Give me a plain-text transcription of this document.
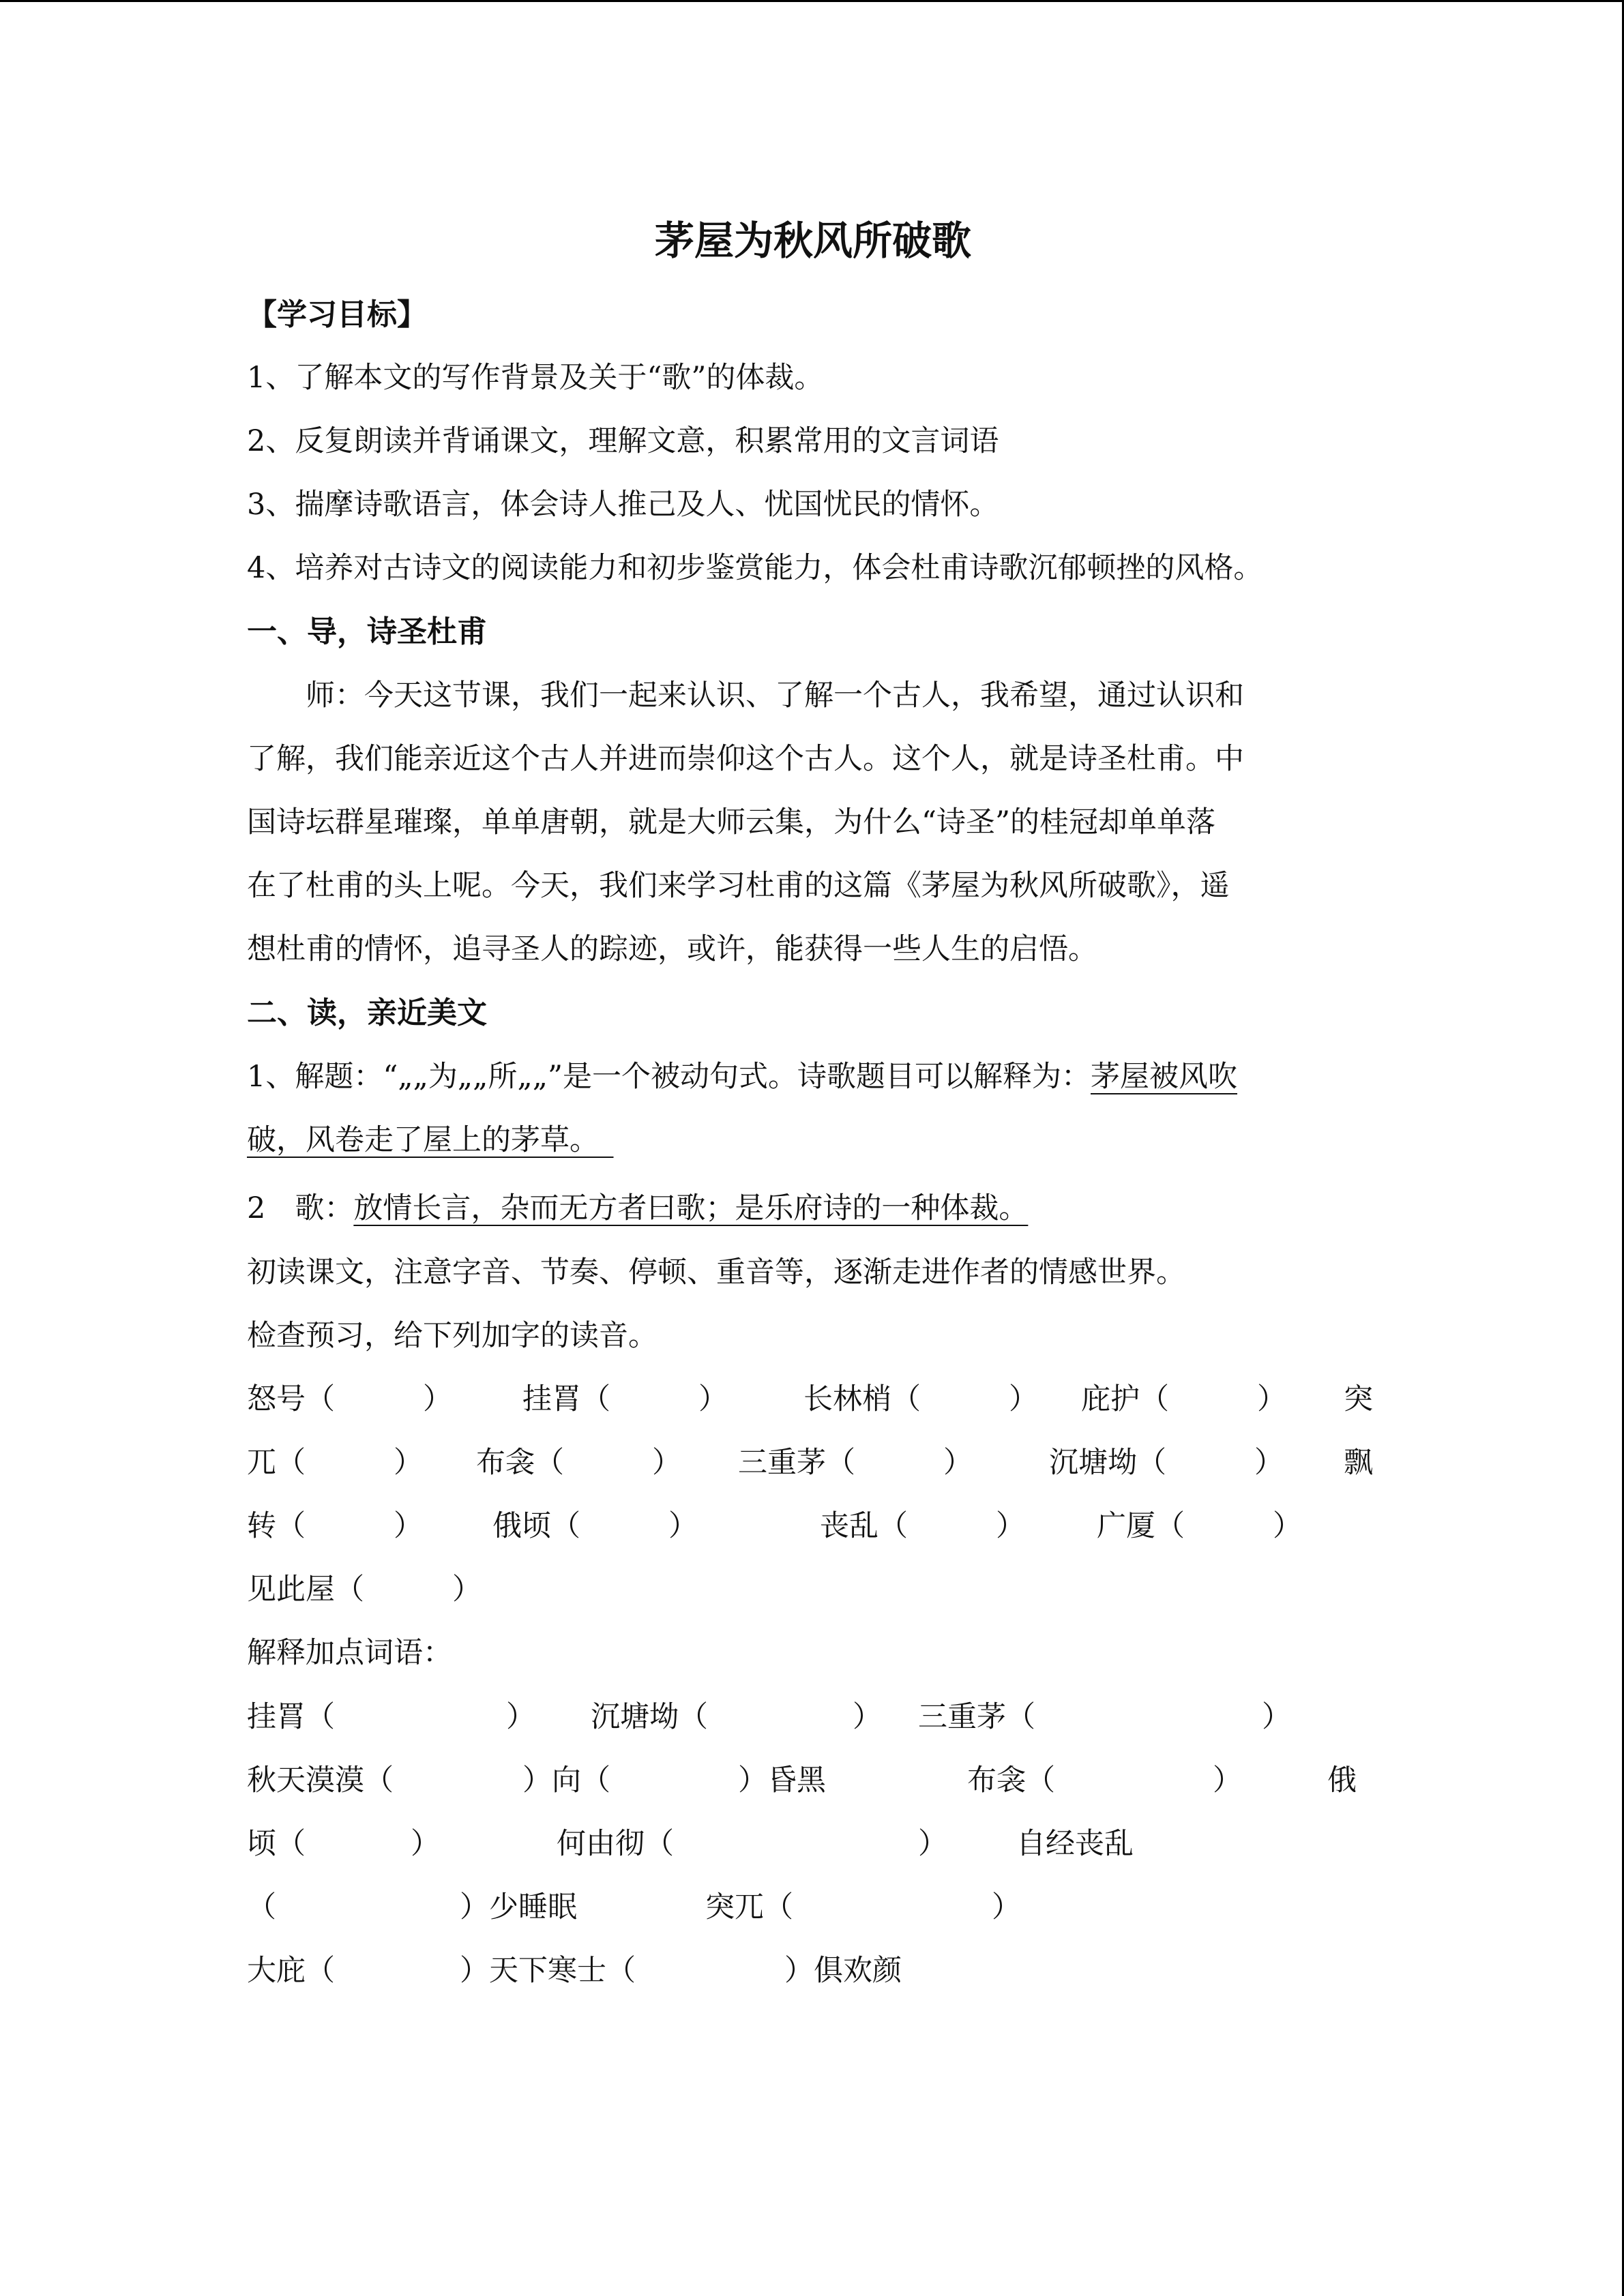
茅屋为秋风所破歌
【学习目标】
1、了解本文的写作背景及关于“歌”的体裁。
2、反复朗读并背诵课文，理解文意，积累常用的文言词语
3、揣摩诗歌语言，体会诗人推己及人、忧国忧民的情怀。
4、培养对古诗文的阅读能力和初步鉴赏能力，体会杜甫诗歌沉郁顿挫的风格。
一、导，诗圣杜甫
师：今天这节课，我们一起来认识、了解一个古人，我希望，通过认识和
了解，我们能亲近这个古人并进而崇仰这个古人。这个人，就是诗圣杜甫。中
国诗坛群星璀璨，单单唐朝，就是大师云集，为什么“诗圣”的桂冠却单单落
在了杜甫的头上呢。今天，我们来学习杜甫的这篇《茅屋为秋风所破歌》，遥
想杜甫的情怀，追寻圣人的踪迹，或许，能获得一些人生的启悟。
二、读，亲近美文
1、解题：“„„为„„所„„”是一个被动句式。诗歌题目可以解释为：茅屋被风吹
破，风卷走了屋上的茅草。　
2　歌：放情长言，杂而无方者曰歌；是乐府诗的一种体裁。
初读课文，注意字音、节奏、停顿、重音等，逐渐走进作者的情感世界。
检查预习，给下列加字的读音。
怒号（　　　） 挂罥（　　　）	长林梢（　　　） 庇护（　　　） 突
兀（　　　） 布衾（　　　） 三重茅（　　　）	沉塘坳（　　　） 飘
转（　　　） 俄顷（　　　）	丧乱（　　　） 广厦（　　　）
见此屋（　　　）
解释加点词语：
挂罥（	） 沉塘坳（	） 三重茅（	）
秋天漠漠（	）向（	）昏黑	布衾（	）	俄
顷（	）	何由彻（	） 自经丧乱
（	）少睡眠	突兀（	）
大庇（	）天下寒士（	）俱欢颜
